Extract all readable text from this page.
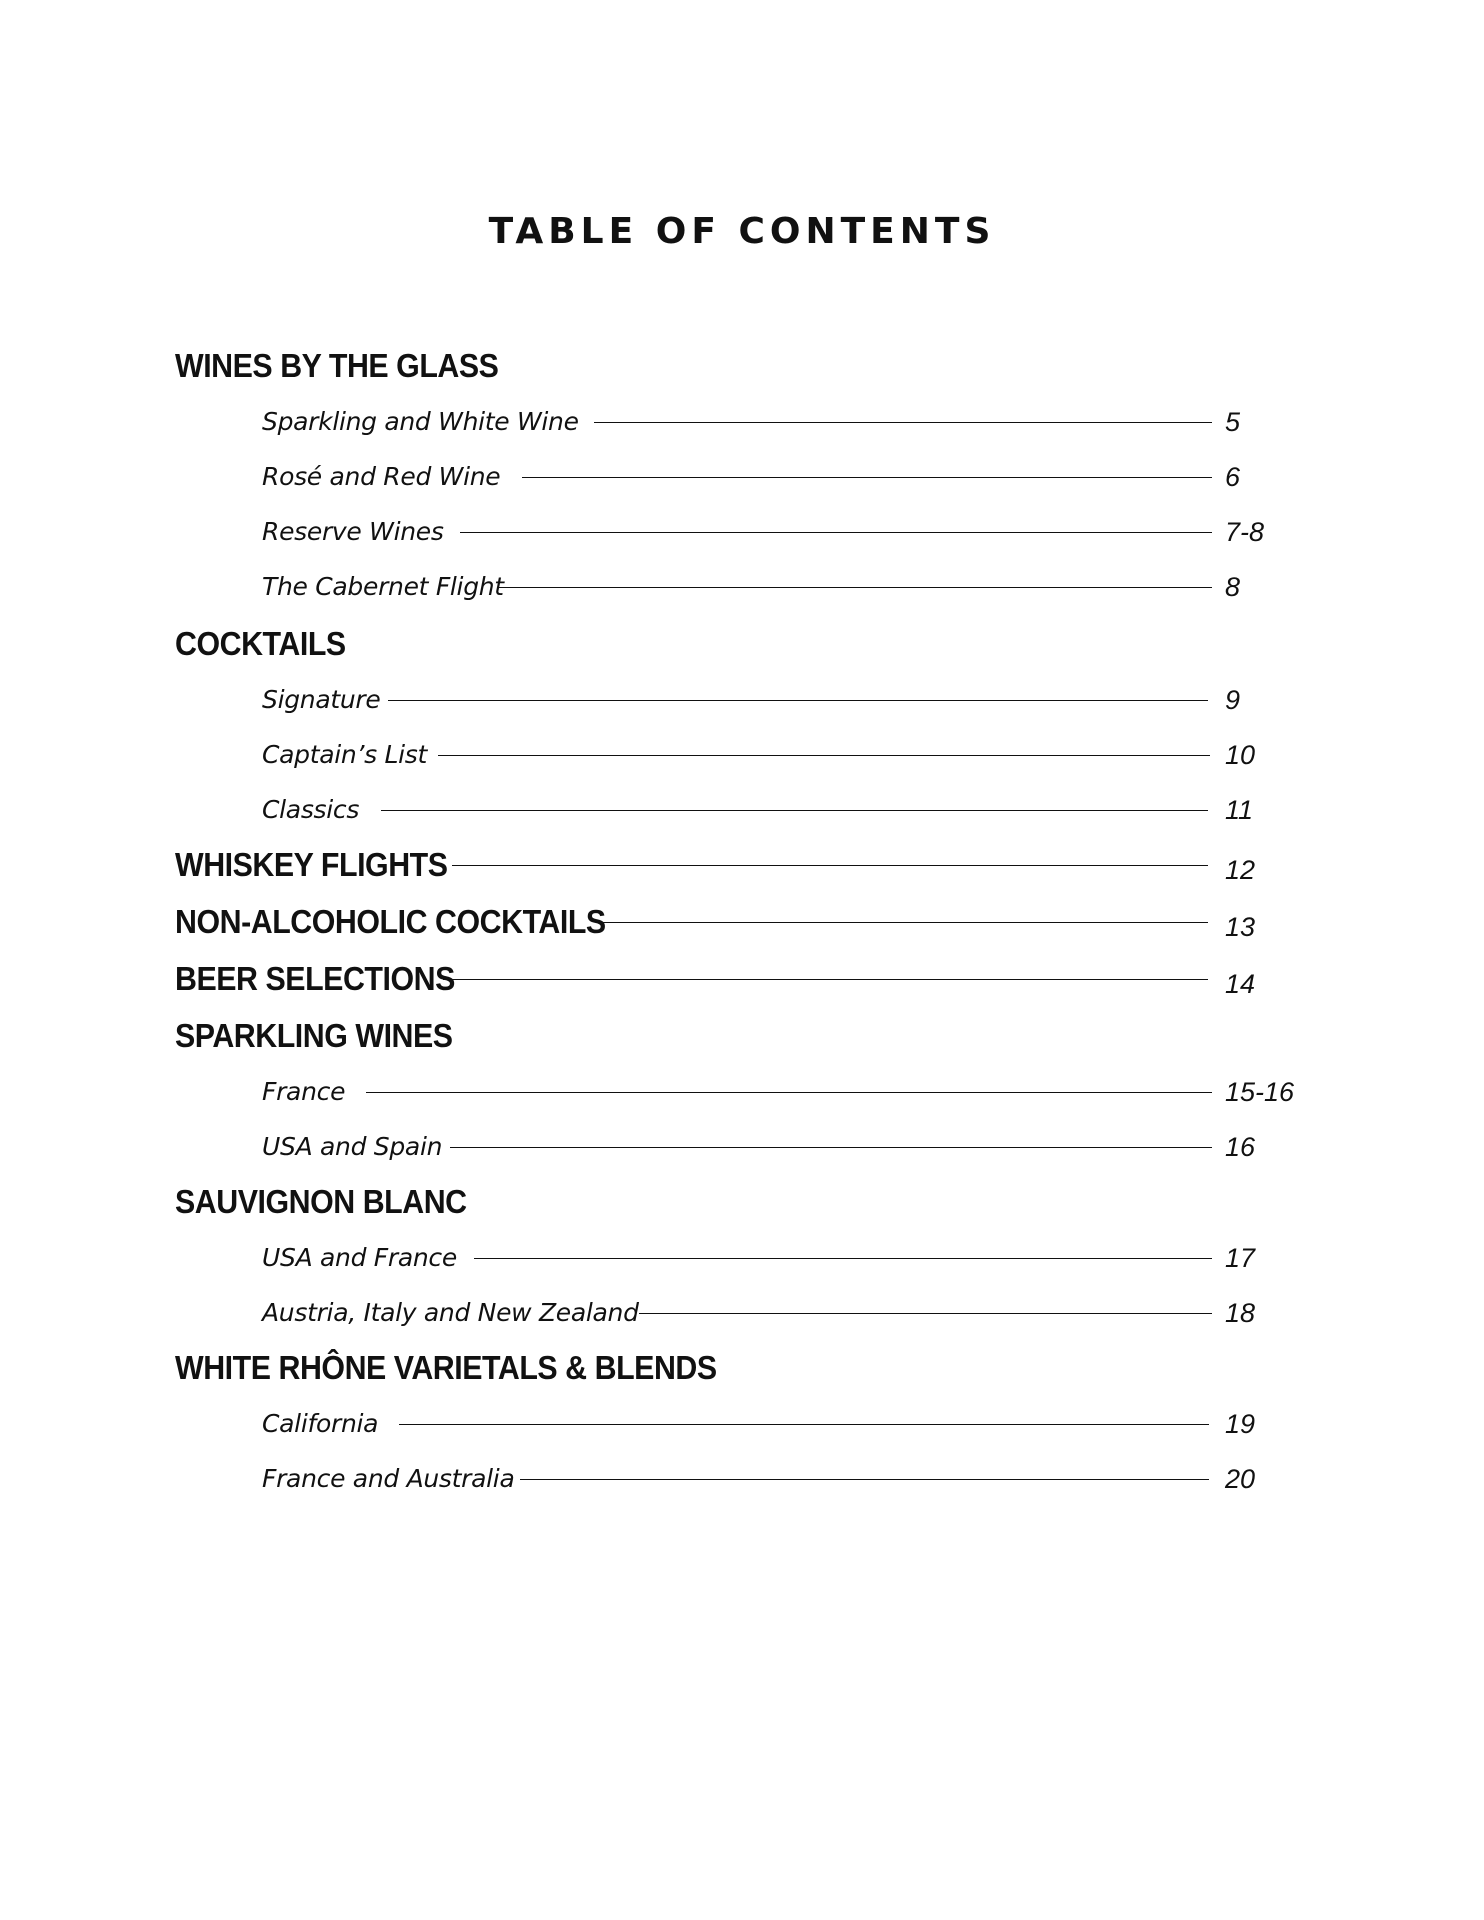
TABLE OF CONTENTS
WINES BY THE GLASS
Sparkling and White Wine	5
Rosé and Red Wine	6
Reserve Wines	7-8
The Cabernet Flight	8
COCKTAILS
Signature	9
Captain’s List	10
Classics	11
WHISKEY FLIGHTS	12
NON-ALCOHOLIC COCKTAILS	13
BEER SELECTIONS	14
SPARKLING WINES
France	15-16
USA and Spain	16
SAUVIGNON BLANC
USA and France	17
Austria, Italy and New Zealand	18
WHITE RHÔNE VARIETALS & BLENDS
California	19
France and Australia	20
